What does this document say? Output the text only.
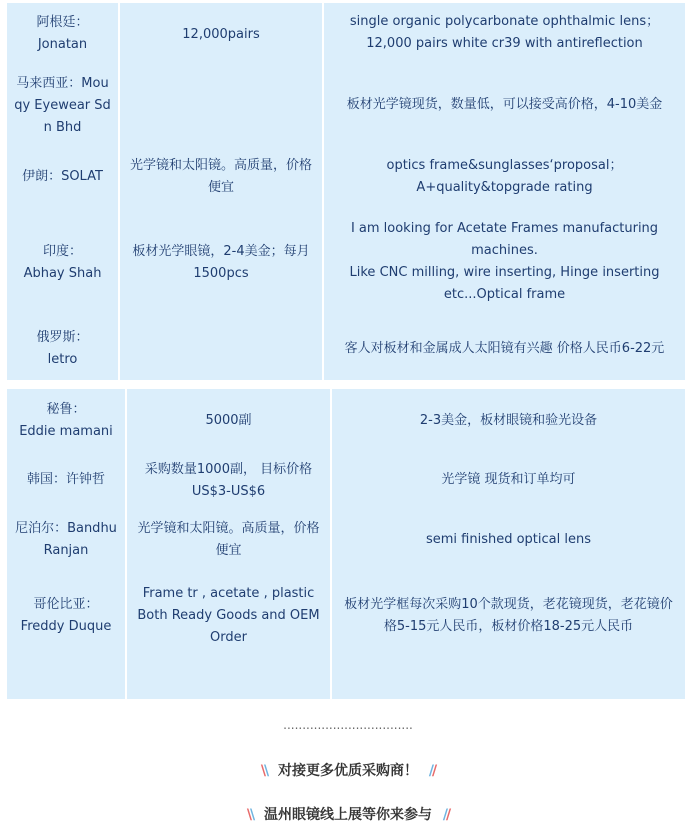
阿根廷：
Jonatan
12,000pairs
single organic polycarbonate ophthalmic lens；12,000 pairs white cr39 with antireflection
马来西亚：Mou
qy Eyewear Sd n Bhd
板材光学镜现货，数量低，可以接受高价格，4-10美金
伊朗：SOLAT
光学镜和太阳镜。高质量，价格便宜
optics frame&sunglasses‘proposal；A+quality&topgrade rating
印度：
Abhay Shah
板材光学眼镜，2-4美金；每月1500pcs
I am looking for Acetate Frames manufacturing machines.
Like CNC milling, wire inserting, Hinge inserting etc...Optical frame
俄罗斯：
letro
客人对板材和金属成人太阳镜有兴趣 价格人民币6-22元
秘鲁：
Eddie mamani
5000副	2-3美金，板材眼镜和验光设备
韩国：许钟哲
采购数量1000副， 目标价格US$3-US$6
光学镜 现货和订单均可
尼泊尔：Bandhu
Ranjan
光学镜和太阳镜。高质量，价格便宜
semi finished optical lens
哥伦比亚：
Freddy Duque
Frame tr , acetate , plastic Both Ready Goods and OEM Order
板材光学框每次采购10个款现货，老花镜现货，老花镜价格5-15元人民币，板材价格18-25元人民币
..................................
\\ 对接更多优质采购商！ //
\\ 温州眼镜线上展等你来参与 //
